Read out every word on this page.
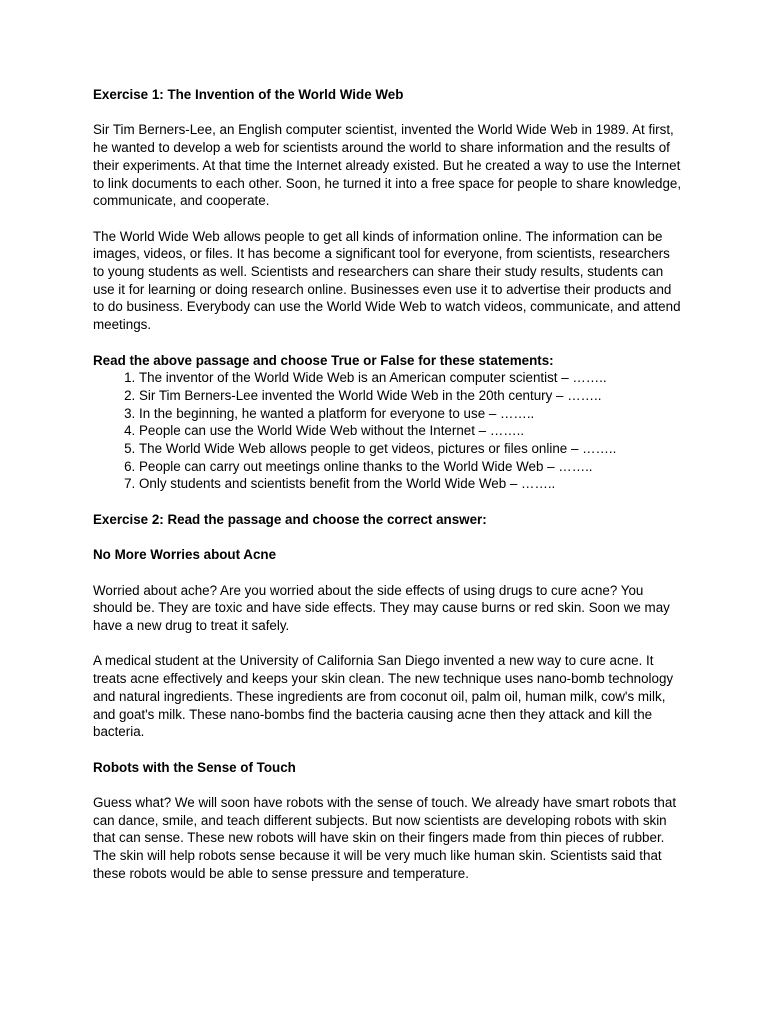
Exercise 1: The Invention of the World Wide Web

Sir Tim Berners-Lee, an English computer scientist, invented the World Wide Web in 1989. At first, he wanted to develop a web for scientists around the world to share information and the results of their experiments. At that time the Internet already existed. But he created a way to use the Internet to link documents to each other. Soon, he turned it into a free space for people to share knowledge, communicate, and cooperate.

The World Wide Web allows people to get all kinds of information online. The information can be images, videos, or files. It has become a significant tool for everyone, from scientists, researchers to young students as well. Scientists and researchers can share their study results, students can use it for learning or doing research online. Businesses even use it to advertise their products and to do business. Everybody can use the World Wide Web to watch videos, communicate, and attend meetings.

Read the above passage and choose True or False for these statements:

1. The inventor of the World Wide Web is an American computer scientist – ……..
2. Sir Tim Berners-Lee invented the World Wide Web in the 20th century – ……..
3. In the beginning, he wanted a platform for everyone to use – ……..
4. People can use the World Wide Web without the Internet – ……..
5. The World Wide Web allows people to get videos, pictures or files online – ……..
6. People can carry out meetings online thanks to the World Wide Web – ……..
7. Only students and scientists benefit from the World Wide Web – ……..

Exercise 2: Read the passage and choose the correct answer:

No More Worries about Acne

Worried about ache? Are you worried about the side effects of using drugs to cure acne? You should be. They are toxic and have side effects. They may cause burns or red skin. Soon we may have a new drug to treat it safely.

A medical student at the University of California San Diego invented a new way to cure acne. It treats acne effectively and keeps your skin clean. The new technique uses nano-bomb technology and natural ingredients. These ingredients are from coconut oil, palm oil, human milk, cow's milk, and goat's milk. These nano-bombs find the bacteria causing acne then they attack and kill the bacteria.

Robots with the Sense of Touch

Guess what? We will soon have robots with the sense of touch. We already have smart robots that can dance, smile, and teach different subjects. But now scientists are developing robots with skin that can sense. These new robots will have skin on their fingers made from thin pieces of rubber. The skin will help robots sense because it will be very much like human skin. Scientists said that these robots would be able to sense pressure and temperature.
